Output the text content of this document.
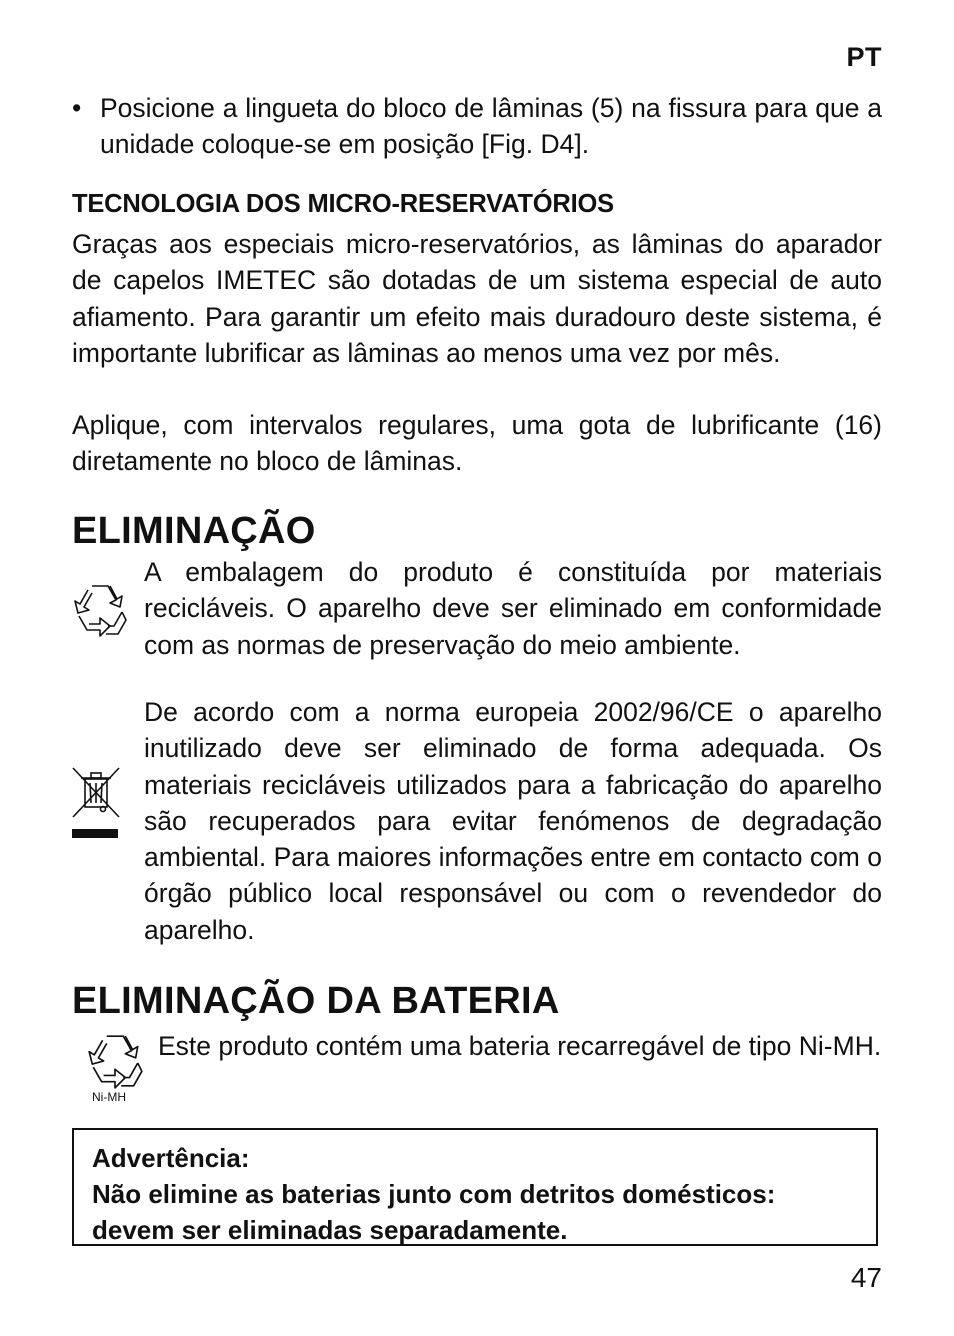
PT
• Posicione a lingueta do bloco de lâminas (5) na fissura para que a unidade coloque-se em posição [Fig. D4].
TECNOLOGIA DOS MICRO-RESERVATÓRIOS
Graças aos especiais micro-reservatórios, as lâminas do aparador de capelos IMETEC são dotadas de um sistema especial de auto afiamento. Para garantir um efeito mais duradouro deste sistema, é importante lubrificar as lâminas ao menos uma vez por mês.
Aplique, com intervalos regulares, uma gota de lubrificante (16) diretamente no bloco de lâminas.
ELIMINAÇÃO
A embalagem do produto é constituída por materiais recicláveis. O aparelho deve ser eliminado em conformidade com as normas de preservação do meio ambiente.
De acordo com a norma europeia 2002/96/CE o aparelho inutilizado deve ser eliminado de forma adequada. Os materiais recicláveis utilizados para a fabricação do aparelho são recuperados para evitar fenómenos de degradação ambiental. Para maiores informações entre em contacto com o órgão público local responsável ou com o revendedor do aparelho.
ELIMINAÇÃO DA BATERIA
Ni-MH
Este produto contém uma bateria recarregável de tipo Ni-MH.
Advertência:
Não elimine as baterias junto com detritos domésticos:
devem ser eliminadas separadamente.
47
